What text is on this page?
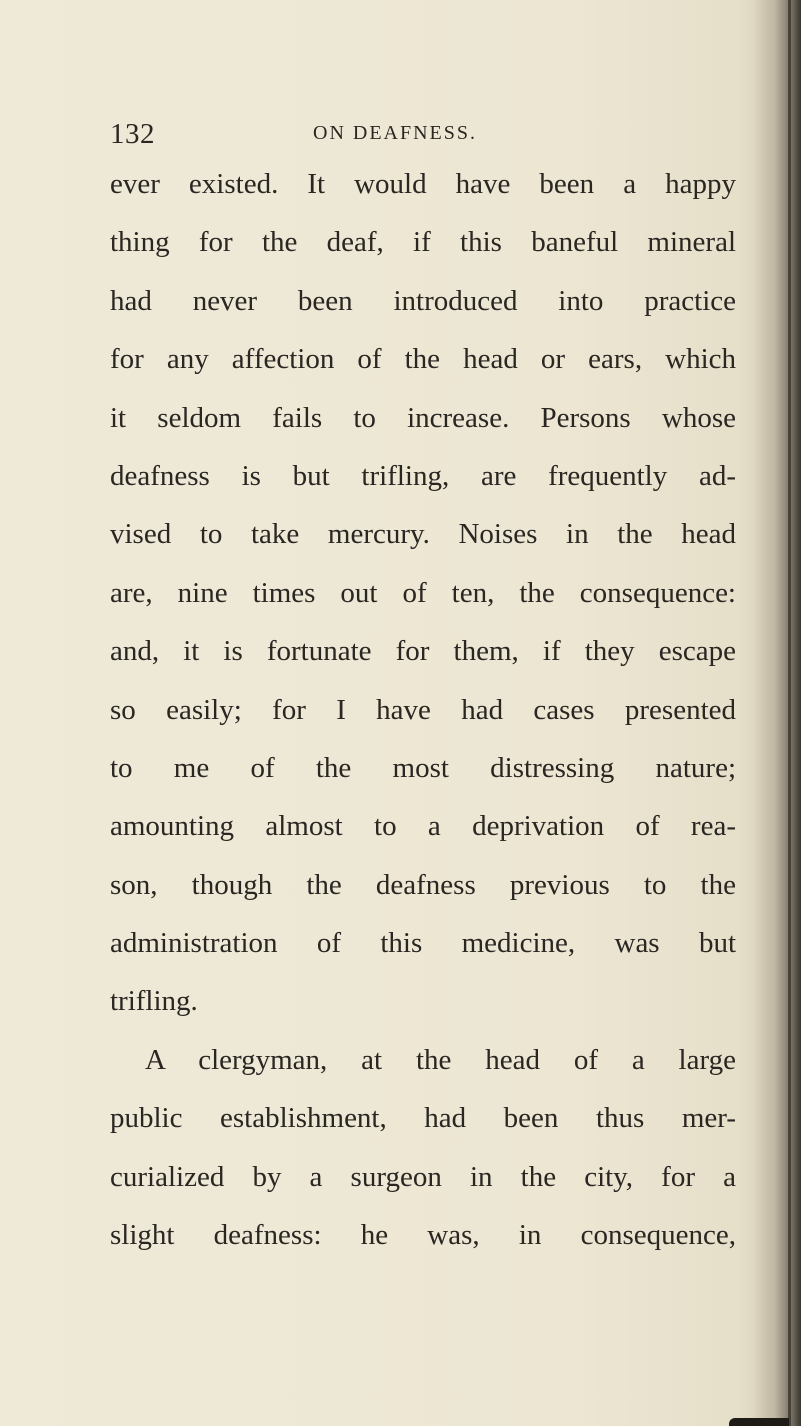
132	ON DEAFNESS.
ever existed. It would have been a happy
thing for the deaf, if this baneful mineral
had never been introduced into practice
for any affection of the head or ears, which
it seldom fails to increase. Persons whose
deafness is but trifling, are frequently ad-
vised to take mercury. Noises in the head
are, nine times out of ten, the consequence:
and, it is fortunate for them, if they escape
so easily; for I have had cases presented
to me of the most distressing nature;
amounting almost to a deprivation of rea-
son, though the deafness previous to the
administration of this medicine, was but
trifling.
A clergyman, at the head of a large
public establishment, had been thus mer-
curialized by a surgeon in the city, for a
slight deafness: he was, in consequence,
